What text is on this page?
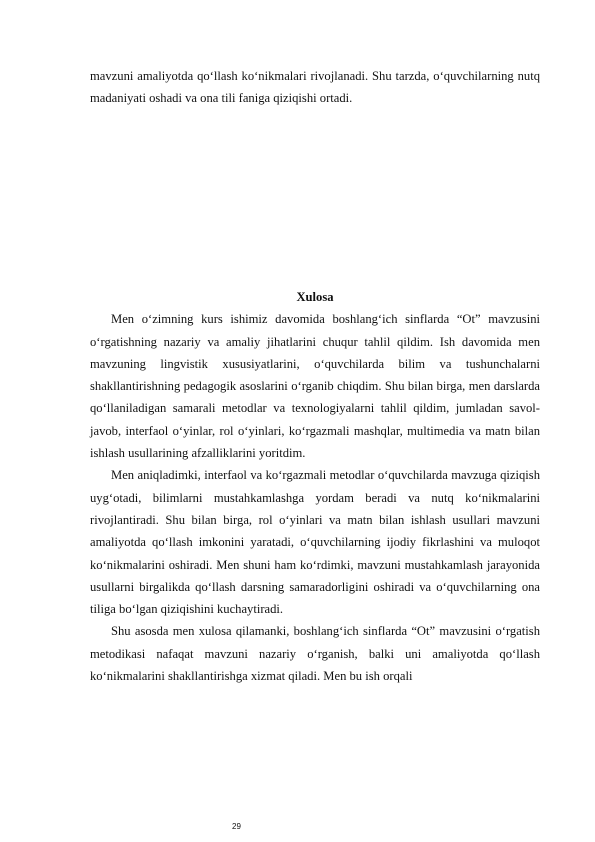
mavzuni amaliyotda qo‘llash ko‘nikmalari rivojlanadi. Shu tarzda, o‘quvchilarning nutq madaniyati oshadi va ona tili faniga qiziqishi ortadi.

Xulosa

Men o‘zimning kurs ishimiz davomida boshlang‘ich sinflarda “Ot” mavzusini o‘rgatishning nazariy va amaliy jihatlarini chuqur tahlil qildim. Ish davomida men mavzuning lingvistik xususiyatlarini, o‘quvchilarda bilim va tushunchalarni shakllantirishning pedagogik asoslarini o‘rganib chiqdim. Shu bilan birga, men darslarda qo‘llaniladigan samarali metodlar va texnologiyalarni tahlil qildim, jumladan savol-javob, interfaol o‘yinlar, rol o‘yinlari, ko‘rgazmali mashqlar, multimedia va matn bilan ishlash usullarining afzalliklarini yoritdim.

Men aniqladimki, interfaol va ko‘rgazmali metodlar o‘quvchilarda mavzuga qiziqish uyg‘otadi, bilimlarni mustahkamlashga yordam beradi va nutq ko‘nikmalarini rivojlantiradi. Shu bilan birga, rol o‘yinlari va matn bilan ishlash usullari mavzuni amaliyotda qo‘llash imkonini yaratadi, o‘quvchilarning ijodiy fikrlashini va muloqot ko‘nikmalarini oshiradi. Men shuni ham ko‘rdimki, mavzuni mustahkamlash jarayonida usullarni birgalikda qo‘llash darsning samaradorligini oshiradi va o‘quvchilarning ona tiliga bo‘lgan qiziqishini kuchaytiradi.

Shu asosda men xulosa qilamanki, boshlang‘ich sinflarda “Ot” mavzusini o‘rgatish metodikasi nafaqat mavzuni nazariy o‘rganish, balki uni amaliyotda qo‘llash ko‘nikmalarini shakllantirishga xizmat qiladi. Men bu ish orqali

29
